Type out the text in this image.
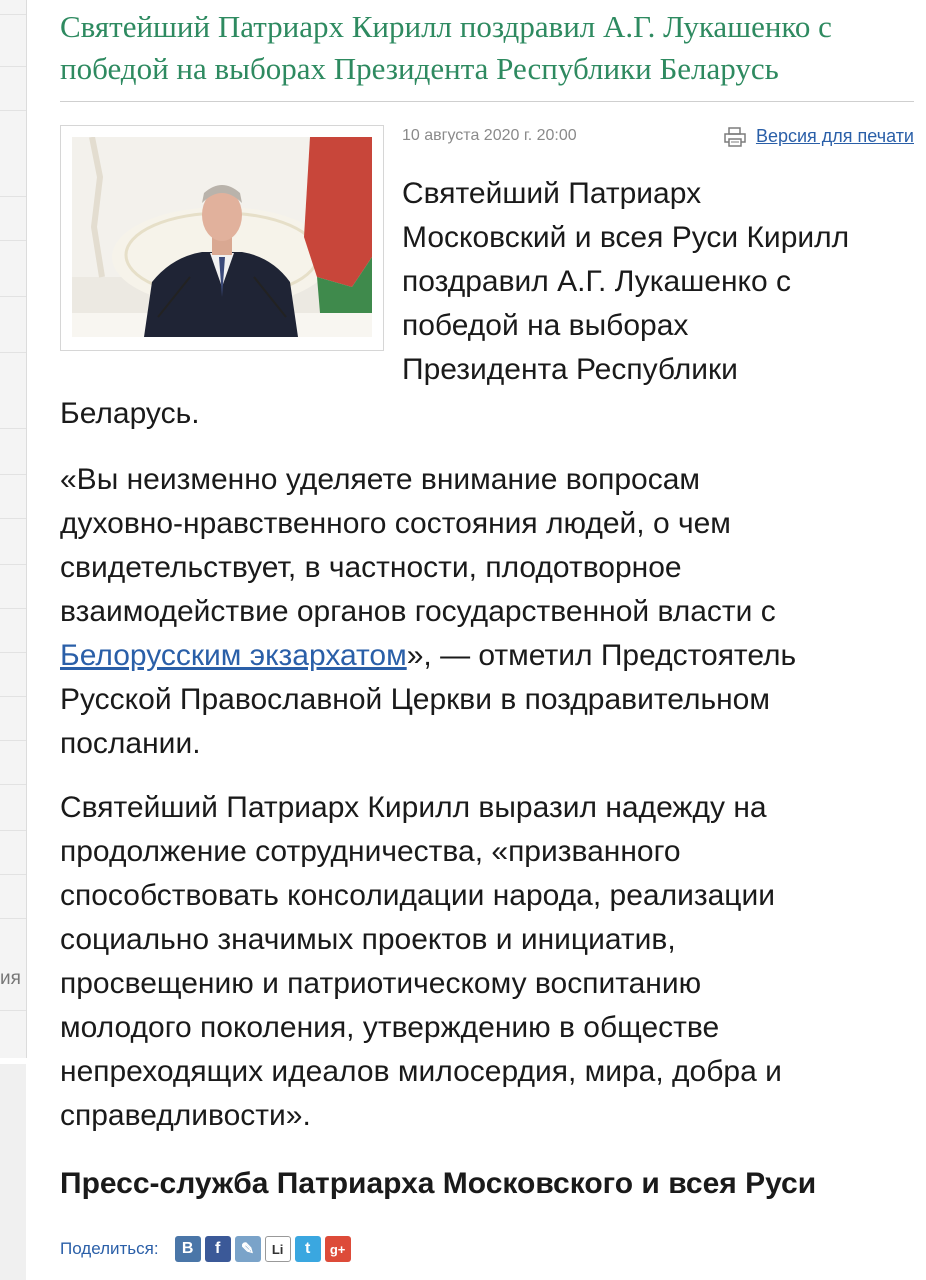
ия
Святейший Патриарх Кирилл поздравил А.Г. Лукашенко с победой на выборах Президента Республики Беларусь
10 августа 2020 г. 20:00	Версия для печати

Святейший Патриарх
Московский и всея Руси Кирилл
поздравил А.Г. Лукашенко с
победой на выборах
Президента Республики
Беларусь.

«Вы неизменно уделяете внимание вопросам
духовно-нравственного состояния людей, о чем
свидетельствует, в частности, плодотворное
взаимодействие органов государственной власти с
Белорусским экзархатом», — отметил Предстоятель
Русской Православной Церкви в поздравительном
послании.

Святейший Патриарх Кирилл выразил надежду на
продолжение сотрудничества, «призванного
способствовать консолидации народа, реализации
социально значимых проектов и инициатив,
просвещению и патриотическому воспитанию
молодого поколения, утверждению в обществе
непреходящих идеалов милосердия, мира, добра и
справедливости».

Пресс-служба Патриарха Московского и всея Руси
Поделиться: В f ✎ Li t g+
